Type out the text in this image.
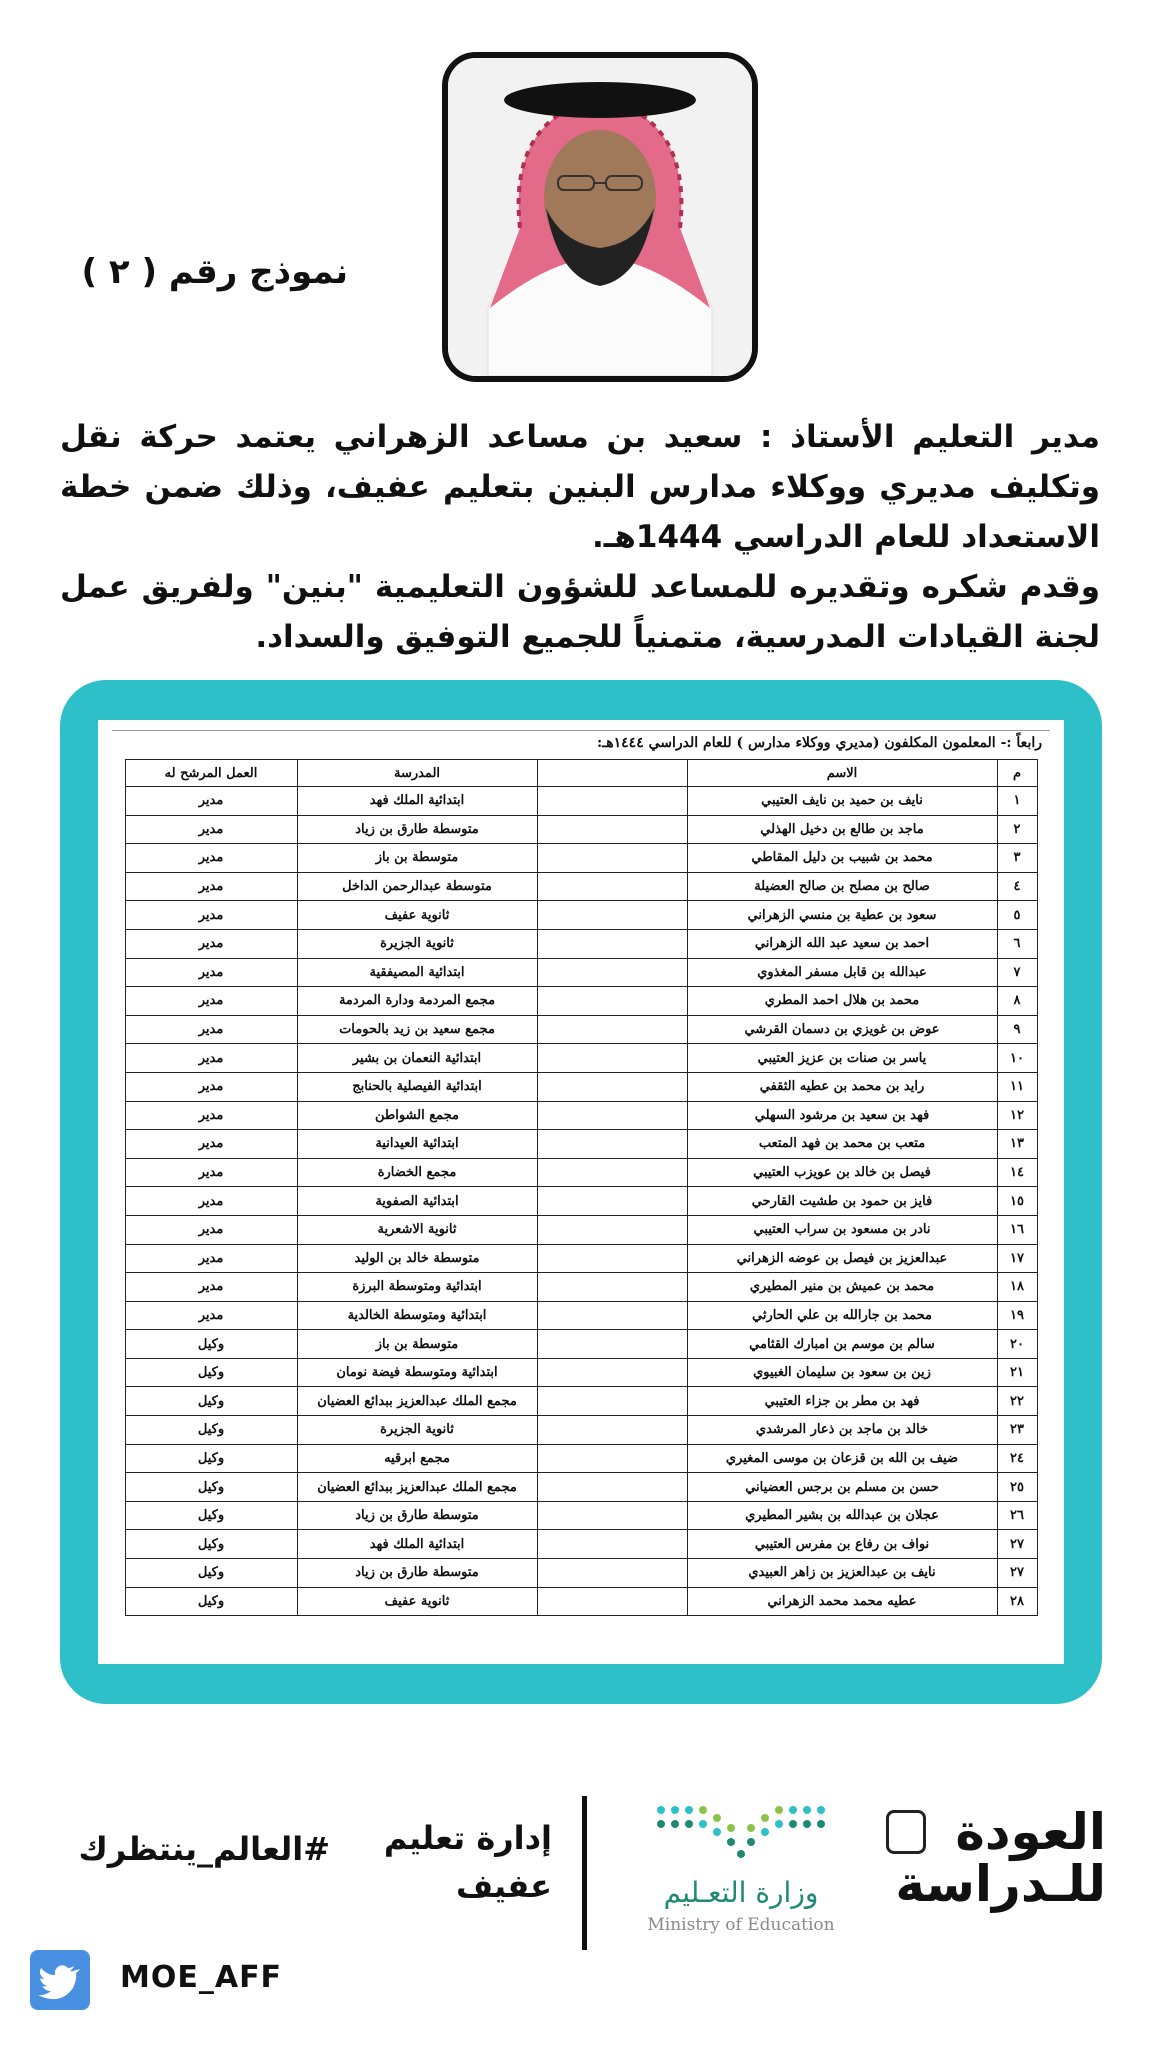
نموذج رقم ( ٢ )

مدير التعليم الأستاذ : سعيد بن مساعد الزهراني يعتمد حركة نقل وتكليف مديري ووكلاء مدارس البنين بتعليم عفيف، وذلك ضمن خطة الاستعداد للعام الدراسي 1444هـ.

وقدم شكره وتقديره للمساعد للشؤون التعليمية "بنين" ولفريق عمل لجنة القيادات المدرسية، متمنياً للجميع التوفيق والسداد.

رابعاً :- المعلمون المكلفون (مديري ووكلاء مدارس ) للعام الدراسي ١٤٤٤هـ:
م	الاسم		المدرسة	العمل المرشح له
١	نايف بن حميد بن نايف العتيبي		ابتدائية الملك فهد	مدير
٢	ماجد بن طالع بن دخيل الهذلي		متوسطة طارق بن زياد	مدير
٣	محمد بن شبيب بن دليل المقاطي		متوسطة بن باز	مدير
٤	صالح بن مصلح بن صالح العضيلة		متوسطة عبدالرحمن الداخل	مدير
٥	سعود بن عطية بن منسي الزهراني		ثانوية عفيف	مدير
٦	احمد بن سعيد عبد الله الزهراني		ثانوية الجزيرة	مدير
٧	عبدالله بن قابل مسفر المغذوي		ابتدائية المصيفقية	مدير
٨	محمد بن هلال احمد المطري		مجمع المردمة ودارة المردمة	مدير
٩	عوض بن غويزي بن دسمان القرشي		مجمع سعيد بن زيد بالحومات	مدير
١٠	ياسر بن صنات بن عزيز العتيبي		ابتدائية النعمان بن بشير	مدير
١١	رايد بن محمد بن عطيه الثقفي		ابتدائية الفيصلية بالحنابج	مدير
١٢	فهد بن سعيد بن مرشود السهلي		مجمع الشواطن	مدير
١٣	متعب بن محمد بن فهد المتعب		ابتدائية العيدانية	مدير
١٤	فيصل بن خالد بن عويزب العتيبي		مجمع الخضارة	مدير
١٥	فايز بن حمود بن طشيت القارحي		ابتدائية الصفوية	مدير
١٦	نادر بن مسعود بن سراب العتيبي		ثانوية الاشعرية	مدير
١٧	عبدالعزيز بن فيصل بن عوضه الزهراني		متوسطة خالد بن الوليد	مدير
١٨	محمد بن عميش بن منير المطيري		ابتدائية ومتوسطة البرزة	مدير
١٩	محمد بن جارالله بن علي الحارثي		ابتدائية ومتوسطة الخالدية	مدير
٢٠	سالم بن موسم بن امبارك القثامي		متوسطة بن باز	وكيل
٢١	زين بن سعود بن سليمان الغبيوي		ابتدائية ومتوسطة فيضة نومان	وكيل
٢٢	فهد بن مطر بن جزاء العتيبي		مجمع الملك عبدالعزيز ببدائع العضيان	وكيل
٢٣	خالد بن ماجد بن ذعار المرشدي		ثانوية الجزيرة	وكيل
٢٤	ضيف بن الله بن قزعان بن موسى المغيري		مجمع ابرقيه	وكيل
٢٥	حسن بن مسلم بن برجس العضياني		مجمع الملك عبدالعزيز ببدائع العضيان	وكيل
٢٦	عجلان بن عبدالله بن بشير المطيري		متوسطة طارق بن زياد	وكيل
٢٧	نواف بن رفاع بن مفرس العتيبي		ابتدائية الملك فهد	وكيل
٢٧	نايف بن عبدالعزيز بن زاهر العبيدي		متوسطة طارق بن زياد	وكيل
٢٨	عطيه محمد محمد الزهراني		ثانوية عفيف	وكيل
العودة
للـدراسة
وزارة التعـليم
Ministry of Education
إدارة تعليم
عفيف
#العالم_ينتظرك
MOE_AFF
